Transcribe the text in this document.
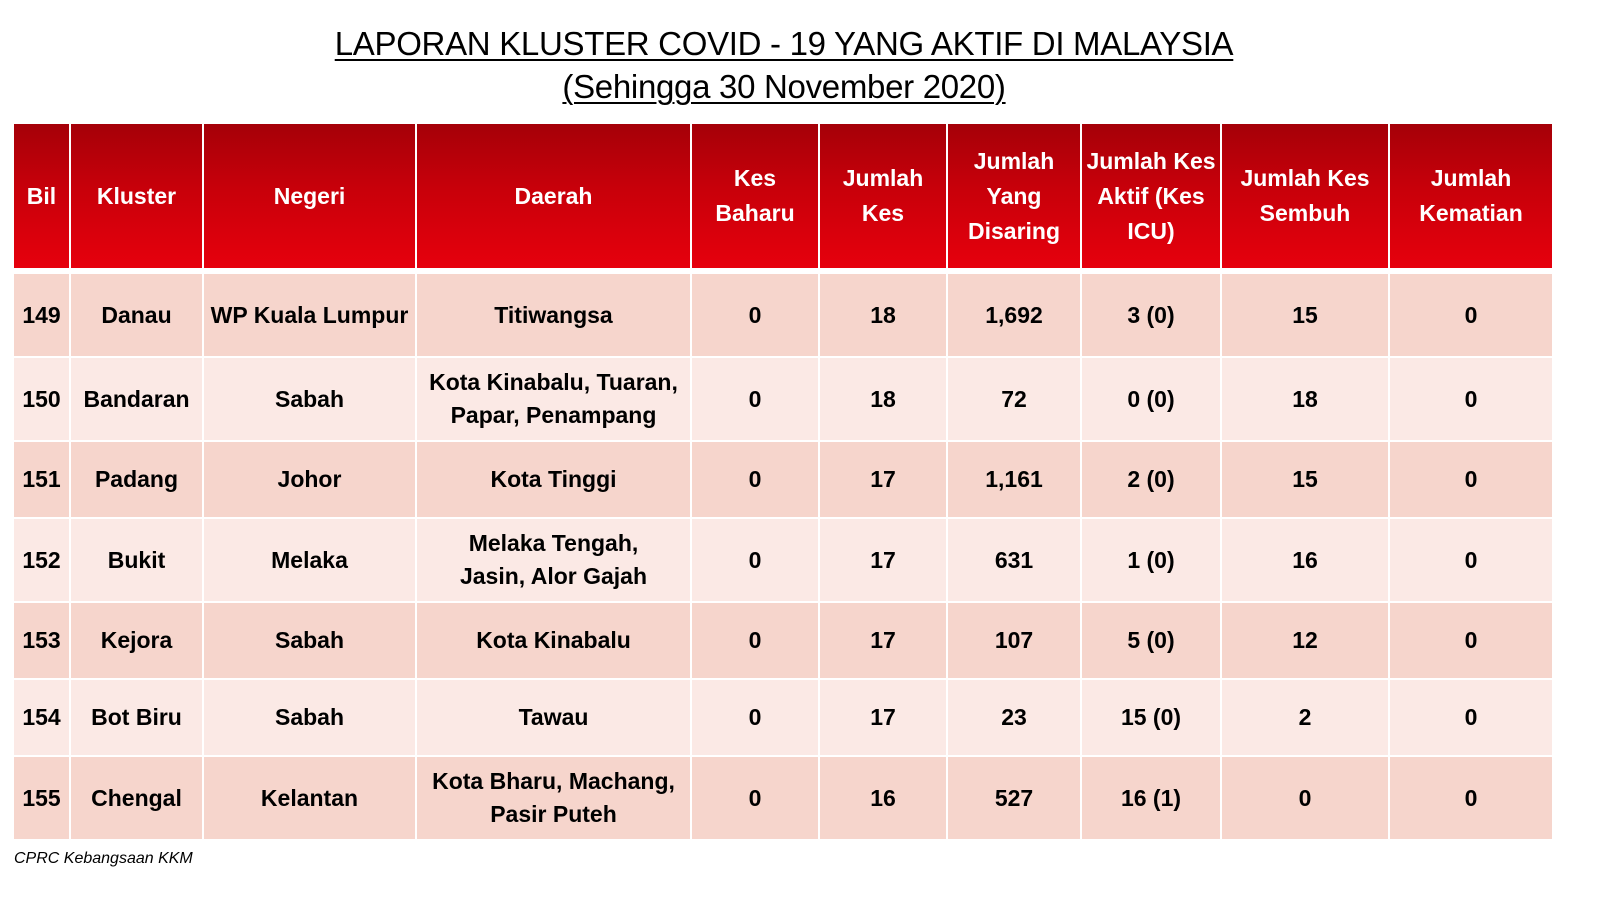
LAPORAN KLUSTER COVID - 19 YANG AKTIF DI MALAYSIA
(Sehingga 30 November 2020)
Bil	Kluster	Negeri	Daerah	Kes Baharu	Jumlah Kes	Jumlah Yang Disaring	Jumlah Kes Aktif (Kes ICU)	Jumlah Kes Sembuh	Jumlah Kematian
149	Danau	WP Kuala Lumpur	Titiwangsa	0	18	1,692	3 (0)	15	0
150	Bandaran	Sabah	Kota Kinabalu, Tuaran, Papar, Penampang	0	18	72	0 (0)	18	0
151	Padang	Johor	Kota Tinggi	0	17	1,161	2 (0)	15	0
152	Bukit	Melaka	Melaka Tengah, Jasin, Alor Gajah	0	17	631	1 (0)	16	0
153	Kejora	Sabah	Kota Kinabalu	0	17	107	5 (0)	12	0
154	Bot Biru	Sabah	Tawau	0	17	23	15 (0)	2	0
155	Chengal	Kelantan	Kota Bharu, Machang, Pasir Puteh	0	16	527	16 (1)	0	0
CPRC Kebangsaan KKM
